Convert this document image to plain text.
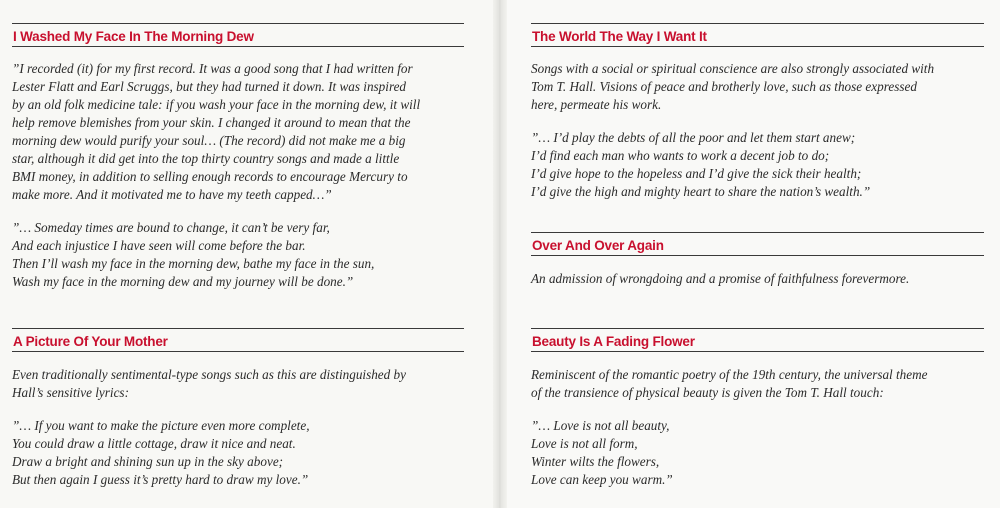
I Washed My Face In The Morning Dew
”I recorded (it) for my first record. It was a good song that I had written for
Lester Flatt and Earl Scruggs, but they had turned it down. It was inspired
by an old folk medicine tale: if you wash your face in the morning dew, it will
help remove blemishes from your skin. I changed it around to mean that the
morning dew would purify your soul… (The record) did not make me a big
star, although it did get into the top thirty country songs and made a little
BMI money, in addition to selling enough records to encourage Mercury to
make more. And it motivated me to have my teeth capped…”
”… Someday times are bound to change, it can’t be very far,
And each injustice I have seen will come before the bar.
Then I’ll wash my face in the morning dew, bathe my face in the sun,
Wash my face in the morning dew and my journey will be done.”
A Picture Of Your Mother
Even traditionally sentimental-type songs such as this are distinguished by
Hall’s sensitive lyrics:
”… If you want to make the picture even more complete,
You could draw a little cottage, draw it nice and neat.
Draw a bright and shining sun up in the sky above;
But then again I guess it’s pretty hard to draw my love.”
The World The Way I Want It
Songs with a social or spiritual conscience are also strongly associated with
Tom T. Hall. Visions of peace and brotherly love, such as those expressed
here, permeate his work.
”… I’d play the debts of all the poor and let them start anew;
I’d find each man who wants to work a decent job to do;
I’d give hope to the hopeless and I’d give the sick their health;
I’d give the high and mighty heart to share the nation’s wealth.”
Over And Over Again
An admission of wrongdoing and a promise of faithfulness forevermore.
Beauty Is A Fading Flower
Reminiscent of the romantic poetry of the 19th century, the universal theme
of the transience of physical beauty is given the Tom T. Hall touch:
”… Love is not all beauty,
Love is not all form,
Winter wilts the flowers,
Love can keep you warm.”
